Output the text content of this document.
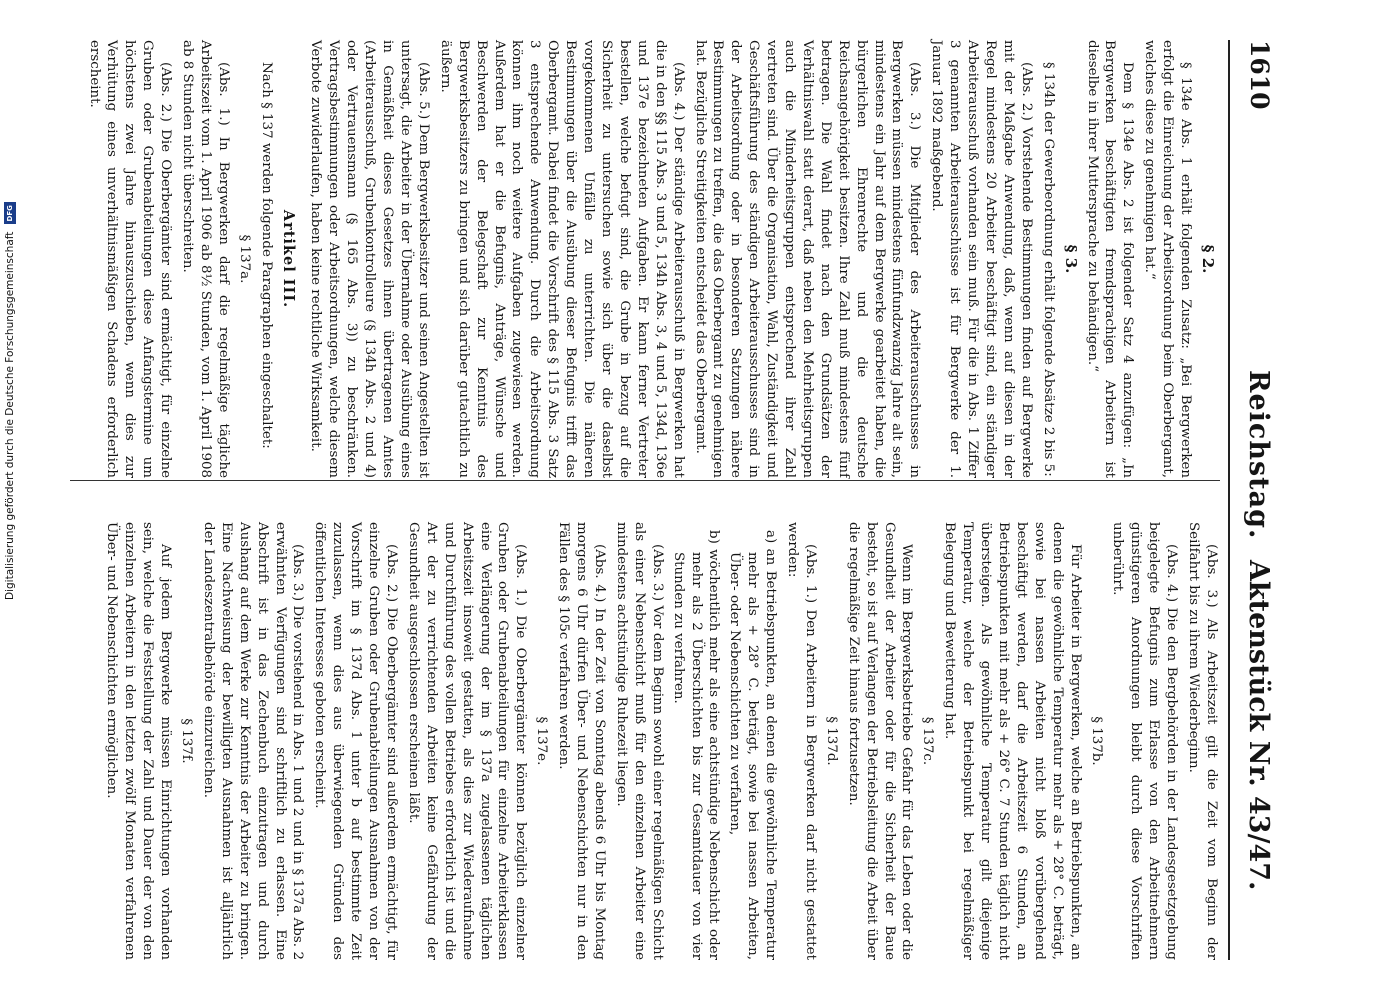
1610
Reichstag.
Aktenstück Nr. 43/47.
§ 2.

§ 134e Abs. 1 erhält folgenden Zusatz: „Bei Bergwerken erfolgt die Einreichung der Arbeitsordnung beim Oberbergamt, welches diese zu genehmigen hat.“

Dem § 134e Abs. 2 ist folgender Satz 4 anzufügen: „In Bergwerken beschäftigten fremdsprachigen Arbeitern ist dieselbe in ihrer Muttersprache zu behändigen.“

§ 3.

§ 134h der Gewerbeordnung erhält folgende Absätze 2 bis 5:

(Abs. 2.) Vorstehende Bestimmungen finden auf Bergwerke mit der Maßgabe Anwendung, daß, wenn auf diesen in der Regel mindestens 20 Arbeiter beschäftigt sind, ein ständiger Arbeiterausschuß vorhanden sein muß. Für die in Abs. 1 Ziffer 3 genannten Arbeiterausschüsse ist für Bergwerke der 1. Januar 1892 maßgebend.

(Abs. 3.) Die Mitglieder des Arbeiterausschusses in Bergwerken müssen mindestens fünfundzwanzig Jahre alt sein, mindestens ein Jahr auf dem Bergwerke gearbeitet haben, die bürgerlichen Ehrenrechte und die deutsche Reichsangehörigkeit besitzen. Ihre Zahl muß mindestens fünf betragen. Die Wahl findet nach den Grundsätzen der Verhältniswahl statt derart, daß neben den Mehrheitsgruppen auch die Minderheitsgruppen entsprechend ihrer Zahl vertreten sind. Über die Organisation, Wahl, Zuständigkeit und Geschäftsführung des ständigen Arbeiterausschusses sind in der Arbeitsordnung oder in besonderen Satzungen nähere Bestimmungen zu treffen, die das Oberbergamt zu genehmigen hat. Bezügliche Streitigkeiten entscheidet das Oberbergamt.

(Abs. 4.) Der ständige Arbeiterausschuß in Bergwerken hat die in den §§ 115 Abs. 3 und 5, 134h Abs. 3, 4 und 5, 134d, 136e und 137e bezeichneten Aufgaben. Er kann ferner Vertreter bestellen, welche befugt sind, die Grube in bezug auf die Sicherheit zu untersuchen sowie sich über die daselbst vorgekommenen Unfälle zu unterrichten. Die näheren Bestimmungen über die Ausübung dieser Befugnis trifft das Oberbergamt. Dabei findet die Vorschrift des § 115 Abs. 3 Satz 3 entsprechende Anwendung. Durch die Arbeitsordnung können ihm noch weitere Aufgaben zugewiesen werden. Außerdem hat er die Befugnis, Anträge, Wünsche und Beschwerden der Belegschaft zur Kenntnis des Bergwerksbesitzers zu bringen und sich darüber gutachtlich zu äußern.

(Abs. 5.) Dem Bergwerksbesitzer und seinen Angestellten ist untersagt, die Arbeiter in der Übernahme oder Ausübung eines in Gemäßheit dieses Gesetzes ihnen übertragenen Amtes (Arbeiterausschuß, Grubenkontrolleure (§ 134h Abs. 2 und 4) oder Vertrauensmann (§ 165 Abs. 3)) zu beschränken. Vertragsbestimmungen oder Arbeitsordnungen, welche diesem Verbote zuwiderlaufen, haben keine rechtliche Wirksamkeit.

Artikel III.

Nach § 137 werden folgende Paragraphen eingeschaltet:

§ 137a.

(Abs. 1.) In Bergwerken darf die regelmäßige tägliche Arbeitszeit vom 1. April 1906 ab 8½ Stunden, vom 1. April 1908 ab 8 Stunden nicht überschreiten.

(Abs. 2.) Die Oberbergämter sind ermächtigt, für einzelne Gruben oder Grubenabteilungen diese Anfangstermine um höchstens zwei Jahre hinauszuschieben, wenn dies zur Verhütung eines unverhältnismäßigen Schadens erforderlich erscheint.

(Abs. 3.) Als Arbeitszeit gilt die Zeit vom Beginn der Seilfahrt bis zu ihrem Wiederbeginn.

(Abs. 4.) Die den Bergbehörden in der Landesgesetzgebung beigelegte Befugnis zum Erlasse von den Arbeitnehmern günstigeren Anordnungen bleibt durch diese Vorschriften unberührt.

§ 137b.

Für Arbeiter in Bergwerken, welche an Betriebspunkten, an denen die gewöhnliche Temperatur mehr als + 28° C. beträgt, sowie bei nassen Arbeiten nicht bloß vorübergehend beschäftigt werden, darf die Arbeitszeit 6 Stunden, an Betriebspunkten mit mehr als + 26° C. 7 Stunden täglich nicht übersteigen. Als gewöhnliche Temperatur gilt diejenige Temperatur, welche der Betriebspunkt bei regelmäßiger Belegung und Bewetterung hat.

§ 137c.

Wenn im Bergwerksbetriebe Gefahr für das Leben oder die Gesundheit der Arbeiter oder für die Sicherheit der Baue besteht, so ist auf Verlangen der Betriebsleitung die Arbeit über die regelmäßige Zeit hinaus fortzusetzen.

§ 137d.

(Abs. 1.) Den Arbeitern in Bergwerken darf nicht gestattet werden:

a) an Betriebspunkten, an denen die gewöhnliche Temperatur mehr als + 28° C. beträgt, sowie bei nassen Arbeiten, Über- oder Nebenschichten zu verfahren,

b) wöchentlich mehr als eine achtstündige Nebenschicht oder mehr als 2 Überschichten bis zur Gesamtdauer von vier Stunden zu verfahren.

(Abs. 3.) Vor dem Beginn sowohl einer regelmäßigen Schicht als einer Nebenschicht muß für den einzelnen Arbeiter eine mindestens achtstündige Ruhezeit liegen.

(Abs. 4.) In der Zeit von Sonntag abends 6 Uhr bis Montag morgens 6 Uhr dürfen Über- und Nebenschichten nur in den Fällen des § 105c verfahren werden.

§ 137e.

(Abs. 1.) Die Oberbergämter können bezüglich einzelner Gruben oder Grubenabteilungen für einzelne Arbeiterklassen eine Verlängerung der im § 137a zugelassenen täglichen Arbeitszeit insoweit gestatten, als dies zur Wiederaufnahme und Durchführung des vollen Betriebes erforderlich ist und die Art der zu verrichtenden Arbeiten keine Gefährdung der Gesundheit ausgeschlossen erscheinen läßt.

(Abs. 2.) Die Oberbergämter sind außerdem ermächtigt, für einzelne Gruben oder Grubenabteilungen Ausnahmen von der Vorschrift im § 137d Abs. 1 unter b auf bestimmte Zeit zuzulassen, wenn dies aus überwiegenden Gründen des öffentlichen Interesses geboten erscheint.

(Abs. 3.) Die vorstehend in Abs. 1 und 2 und in § 137a Abs. 2 erwähnten Verfügungen sind schriftlich zu erlassen. Eine Abschrift ist in das Zechenbuch einzutragen und durch Aushang auf dem Werke zur Kenntnis der Arbeiter zu bringen. Eine Nachweisung der bewilligten Ausnahmen ist alljährlich der Landeszentralbehörde einzureichen.

§ 137f.

Auf jedem Bergwerke müssen Einrichtungen vorhanden sein, welche die Feststellung der Zahl und Dauer der von den einzelnen Arbeitern in den letzten zwölf Monaten verfahrenen Über- und Nebenschichten ermöglichen.

Digitalisierung gefördert durch die Deutsche Forschungsgemeinschaft DFG
